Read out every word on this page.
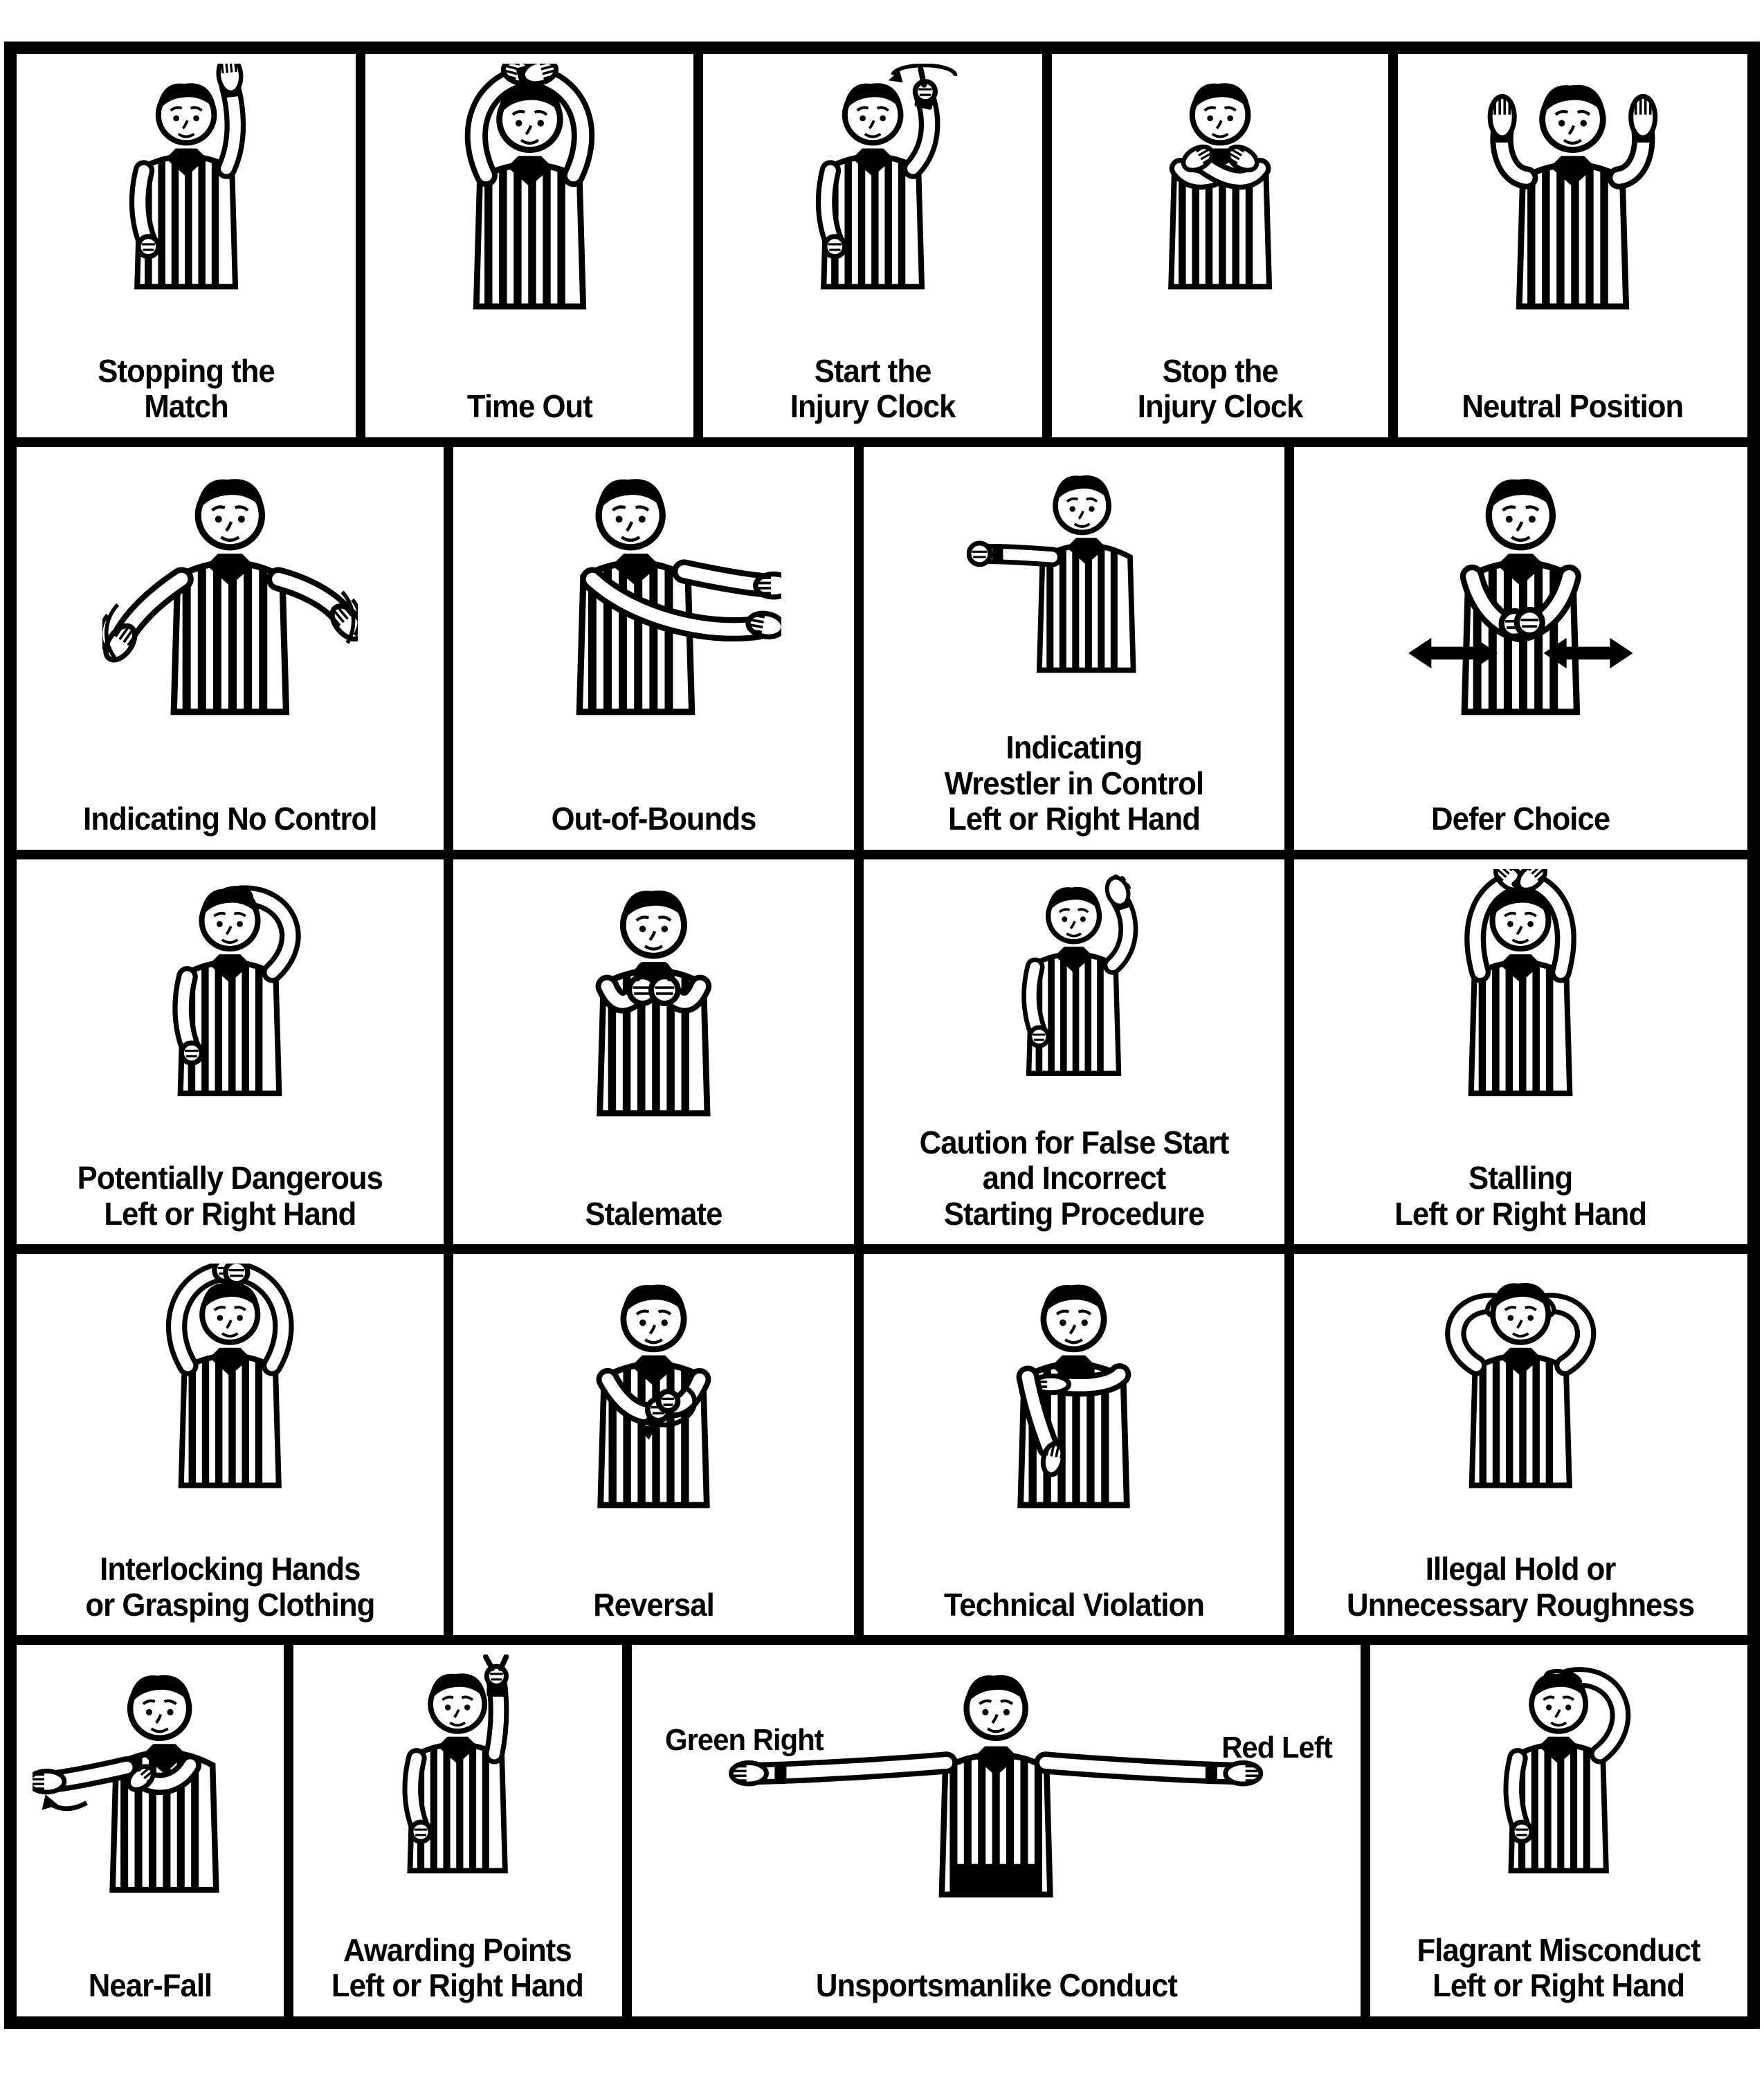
Stopping the
Match	Time Out
Start the
Injury Clock
Stop the
Injury Clock	Neutral Position
Indicating No Control	Out-of-Bounds
Indicating
Wrestler in Control
Left or Right Hand	Defer Choice
Potentially Dangerous
Left or Right Hand	Stalemate
Caution for False Start
and Incorrect
Starting Procedure
Stalling
Left or Right Hand
Interlocking Hands
or Grasping Clothing	Reversal	Technical Violation
Illegal Hold or
Unnecessary Roughness
Near-Fall
Awarding Points
Left or Right Hand
Green Right	Red Left
Unsportsmanlike Conduct
Flagrant Misconduct
Left or Right Hand
